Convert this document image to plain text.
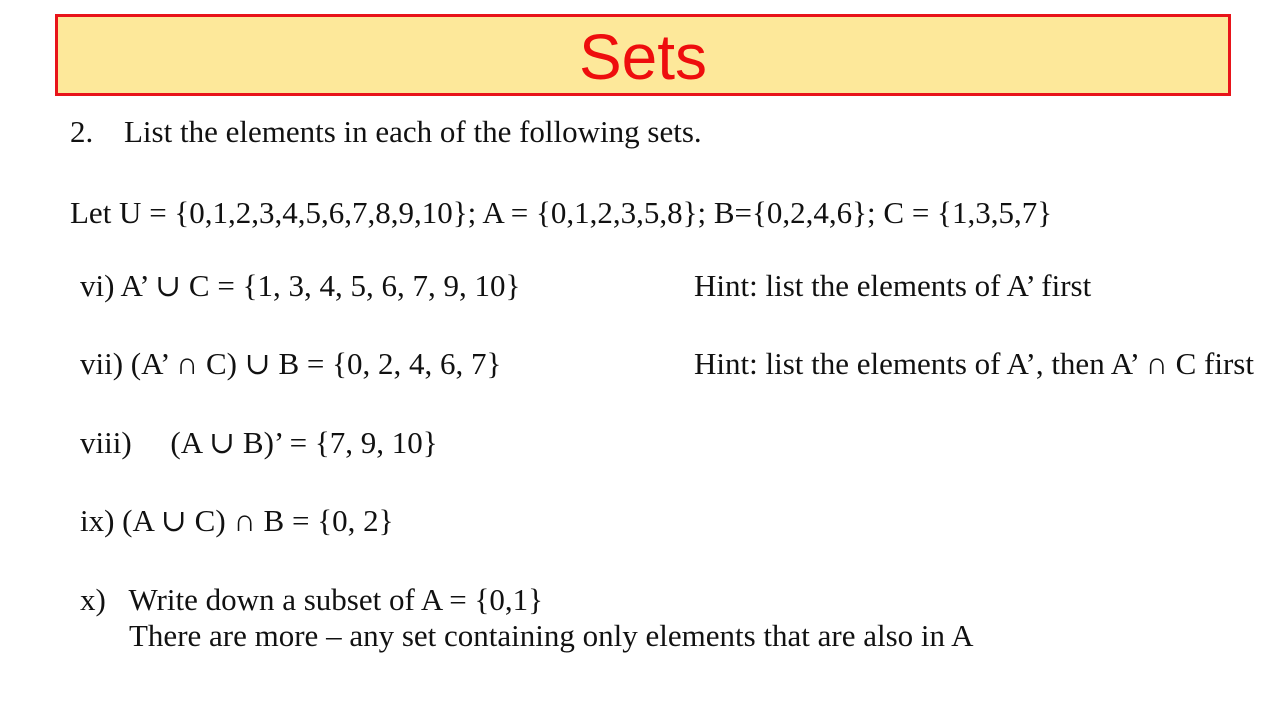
Sets
2. List the elements in each of the following sets.
Let U = {0,1,2,3,4,5,6,7,8,9,10}; A = {0,1,2,3,5,8}; B={0,2,4,6}; C = {1,3,5,7}
vi) A’ ∪ C = {1, 3, 4, 5, 6, 7, 9, 10}	Hint: list the elements of A’ first
vii) (A’ ∩ C) ∪ B = {0, 2, 4, 6, 7}	Hint: list the elements of A’, then A’ ∩ C first
viii)     (A ∪ B)’ = {7, 9, 10}
ix) (A ∪ C) ∩ B = {0, 2}
x)   Write down a subset of A = {0,1}
There are more – any set containing only elements that are also in A
